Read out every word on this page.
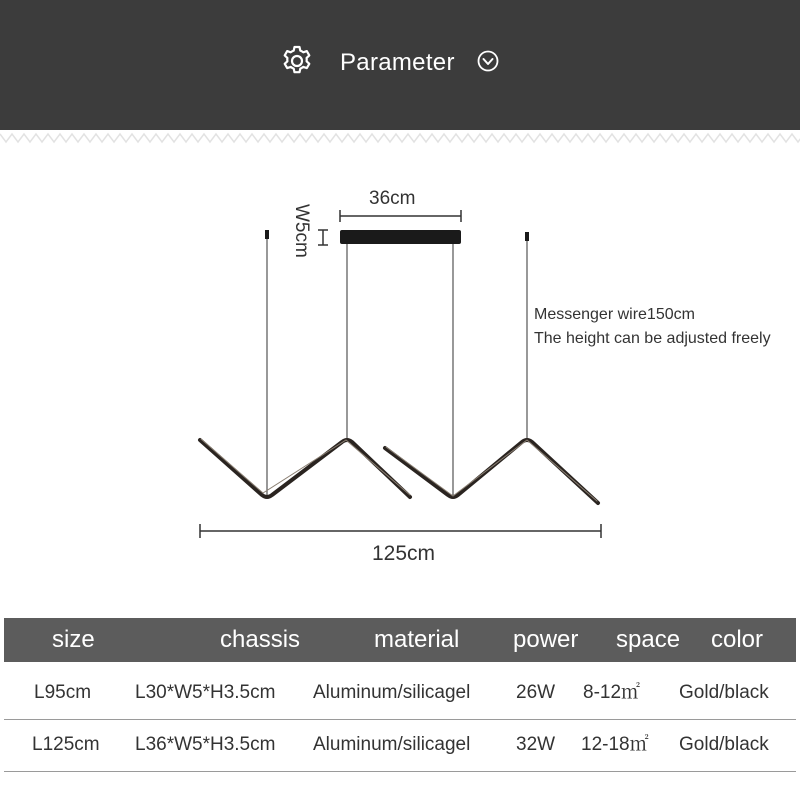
Parameter
36cm
W5cm
125cm
Messenger wire150cm
The height can be adjusted freely
size	chassis	material power space color
L95cm L30*W5*H3.5cm Aluminum/silicagel 26W 8-12㎡ Gold/black
L125cm L36*W5*H3.5cm Aluminum/silicagel 32W 12-18㎡ Gold/black
